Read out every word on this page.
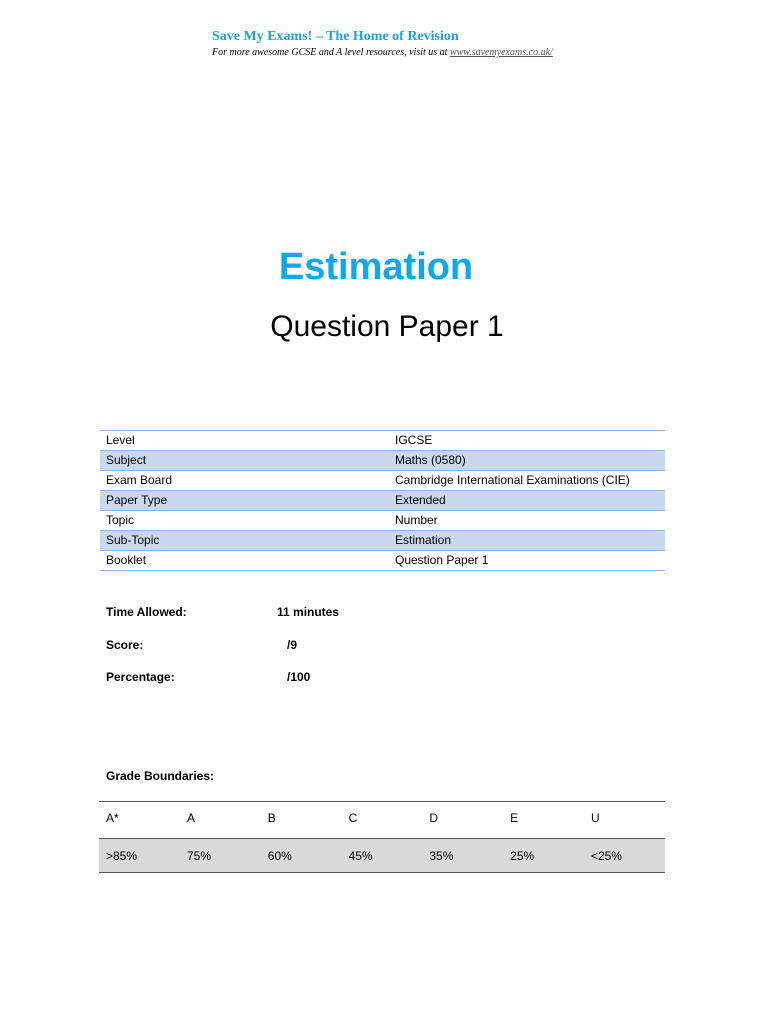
Save My Exams! – The Home of Revision
For more awesome GCSE and A level resources, visit us at www.savemyexams.co.uk/
Estimation
Question Paper 1
Level	IGCSE
Subject	Maths (0580)
Exam Board	Cambridge International Examinations (CIE)
Paper Type	Extended
Topic	Number
Sub-Topic	Estimation
Booklet	Question Paper 1
Time Allowed:	11 minutes
Score:	/9
Percentage:	/100
Grade Boundaries:
A*	A	B	C	D	E	U
>85%	75%	60%	45%	35%	25%	<25%
